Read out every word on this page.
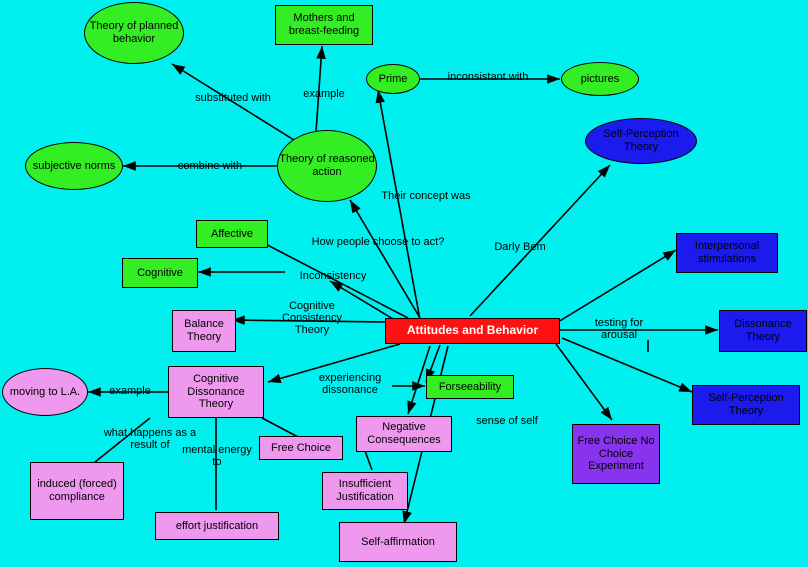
Theory of planned behavior
Mothers and breast-feeding
Prime	pictures
Self-Perception Theory
subjective norms
Theory of reasoned action
Interpersonal stimulations
Affective
Cognitive
Balance Theory	Attitudes and Behavior	Dissonance Theory
Self-Perception Theory
moving to L.A.
Cognitive Dissonance Theory
Forseeability
Free Choice No Choice Experiment
Negative Consequences
Free Choice
Insufficient Justification
induced (forced) compliance
effort justification
Self-affirmation
substituted with	example
inconsistant with
combine with
Their concept was
How people choose to act?	Darly Bem
Inconsistency
Cognitive Consistency Theory
testing for arousal
example
experiencing dissonance
sense of self
what happens as a result of	mental energy to
